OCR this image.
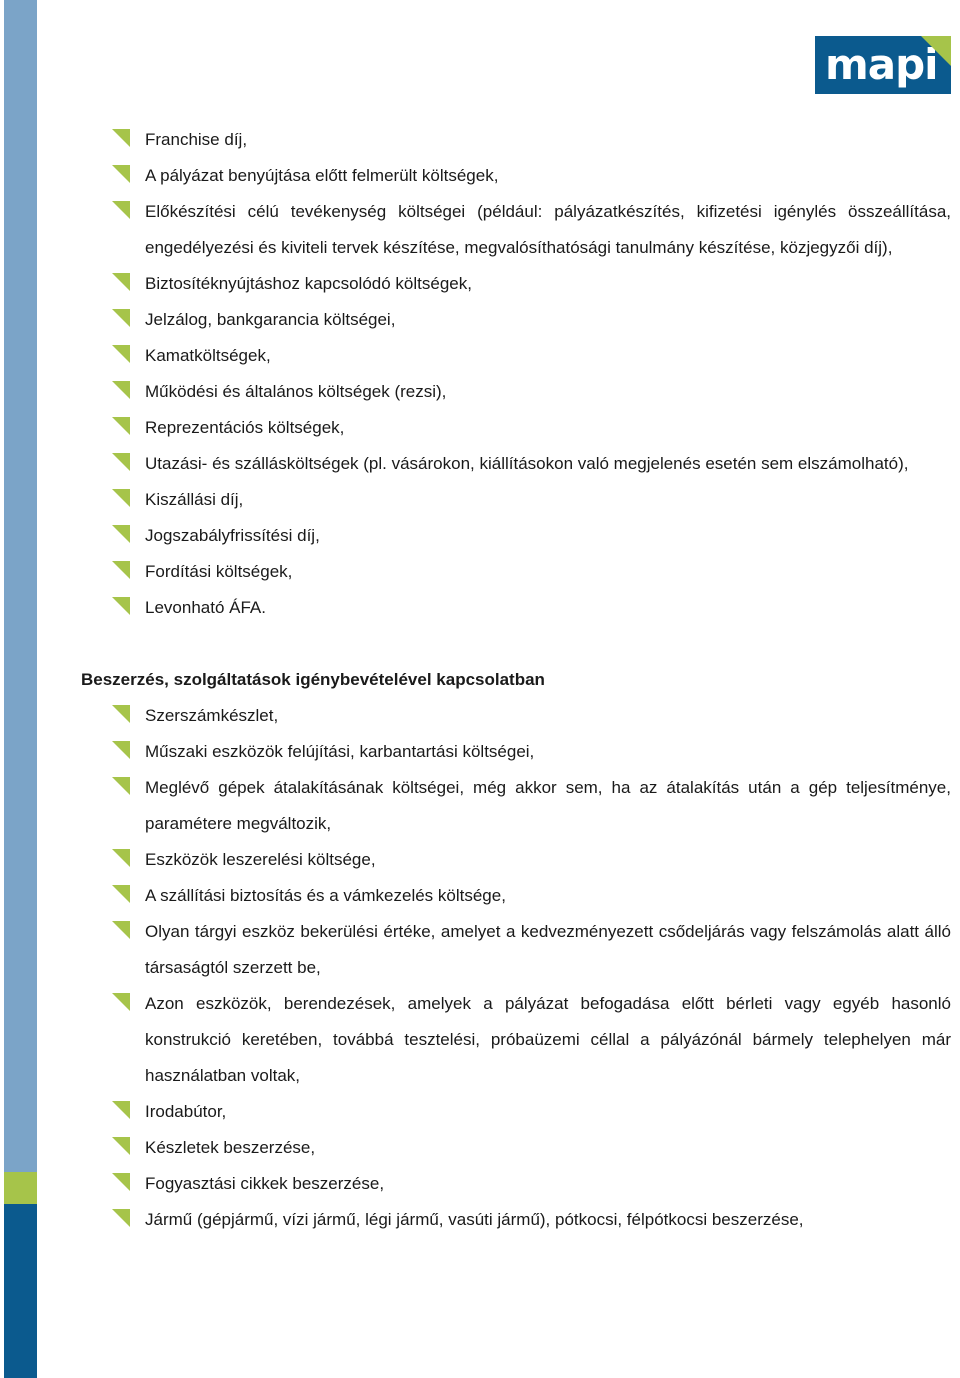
mapi
Franchise díj,
A pályázat benyújtása előtt felmerült költségek,
Előkészítési célú tevékenység költségei (például: pályázatkészítés, kifizetési igénylés összeállítása, engedélyezési és kiviteli tervek készítése, megvalósíthatósági tanulmány készítése, közjegyzői díj),
Biztosítéknyújtáshoz kapcsolódó költségek,
Jelzálog, bankgarancia költségei,
Kamatköltségek,
Működési és általános költségek (rezsi),
Reprezentációs költségek,
Utazási- és szállásköltségek (pl. vásárokon, kiállításokon való megjelenés esetén sem elszámolható),
Kiszállási díj,
Jogszabályfrissítési díj,
Fordítási költségek,
Levonható ÁFA.
Beszerzés, szolgáltatások igénybevételével kapcsolatban
Szerszámkészlet,
Műszaki eszközök felújítási, karbantartási költségei,
Meglévő gépek átalakításának költségei, még akkor sem, ha az átalakítás után a gép teljesítménye, paramétere megváltozik,
Eszközök leszerelési költsége,
A szállítási biztosítás és a vámkezelés költsége,
Olyan tárgyi eszköz bekerülési értéke, amelyet a kedvezményezett csődeljárás vagy felszámolás alatt álló társaságtól szerzett be,
Azon eszközök, berendezések, amelyek a pályázat befogadása előtt bérleti vagy egyéb hasonló konstrukció keretében, továbbá tesztelési, próbaüzemi céllal a pályázónál bármely telephelyen már használatban voltak,
Irodabútor,
Készletek beszerzése,
Fogyasztási cikkek beszerzése,
Jármű (gépjármű, vízi jármű, légi jármű, vasúti jármű), pótkocsi, félpótkocsi beszerzése,
